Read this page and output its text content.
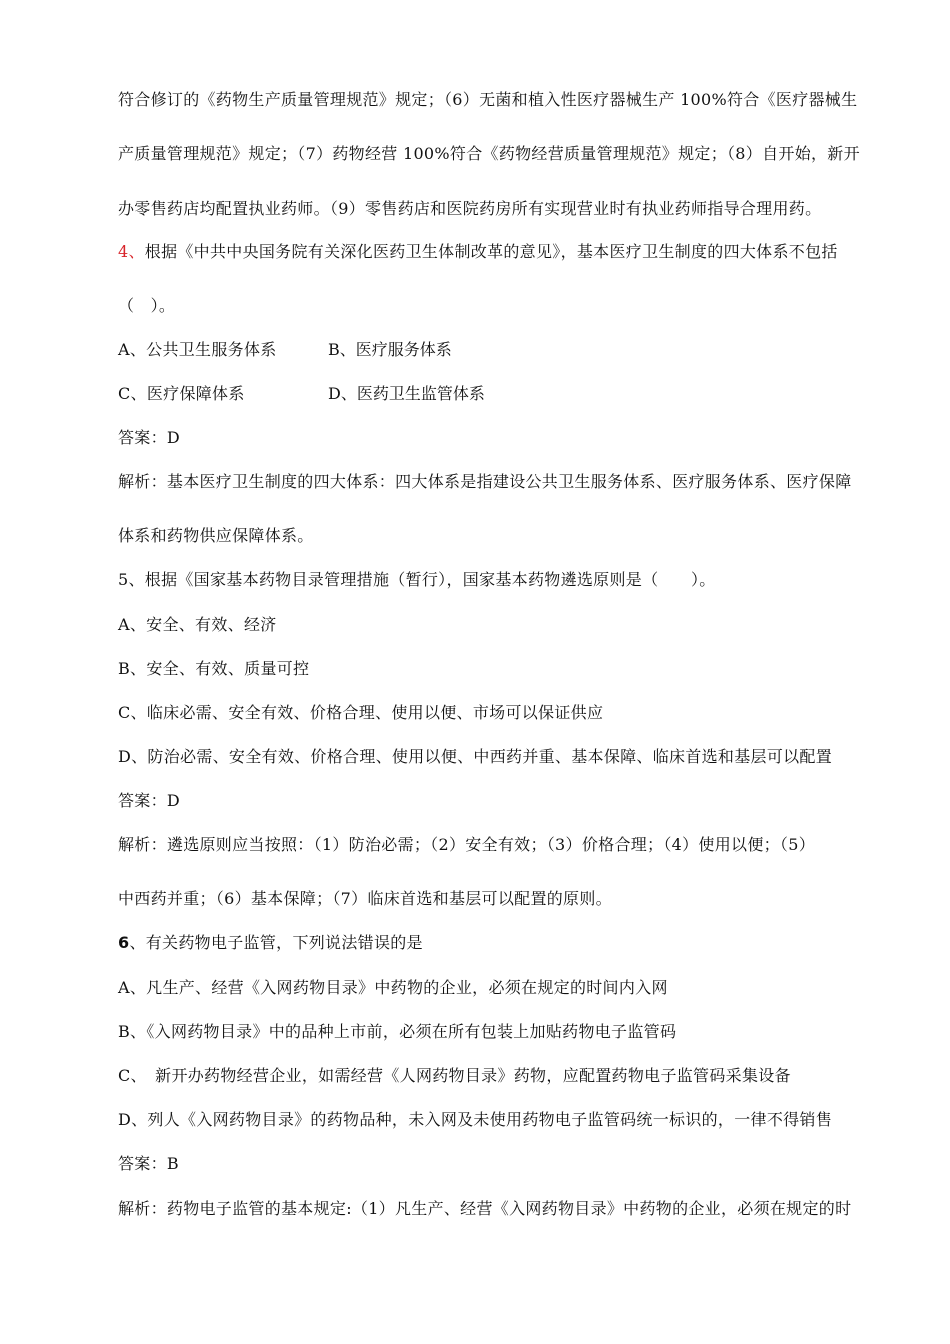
符合修订的《药物生产质量管理规范》规定；（6）无菌和植入性医疗器械生产 100%符合《医疗器械生
产质量管理规范》规定；（7）药物经营 100%符合《药物经营质量管理规范》规定；（8）自开始，新开
办零售药店均配置执业药师。（9）零售药店和医院药房所有实现营业时有执业药师指导合理用药。
4、根据《中共中央国务院有关深化医药卫生体制改革的意见》，基本医疗卫生制度的四大体系不包括
（　）。
A、公共卫生服务体系	B、医疗服务体系
C、医疗保障体系	D、医药卫生监管体系
答案：D
解析：基本医疗卫生制度的四大体系：四大体系是指建设公共卫生服务体系、医疗服务体系、医疗保障
体系和药物供应保障体系。
5、根据《国家基本药物目录管理措施（暂行），国家基本药物遴选原则是（　　）。
A、安全、有效、经济
B、安全、有效、质量可控
C、临床必需、安全有效、价格合理、使用以便、市场可以保证供应
D、防治必需、安全有效、价格合理、使用以便、中西药并重、基本保障、临床首选和基层可以配置
答案：D
解析：遴选原则应当按照：（1）防治必需；（2）安全有效；（3）价格合理；（4）使用以便；（5）
中西药并重；（6）基本保障；（7）临床首选和基层可以配置的原则。
6、有关药物电子监管，下列说法错误的是
A、凡生产、经营《入网药物目录》中药物的企业，必须在规定的时间内入网
B、《入网药物目录》中的品种上市前，必须在所有包装上加贴药物电子监管码
C、　新开办药物经营企业，如需经营《人网药物目录》药物，应配置药物电子监管码采集设备
D、列人《入网药物目录》的药物品种，未入网及未使用药物电子监管码统一标识的，一律不得销售
答案：B
解析：药物电子监管的基本规定:（1）凡生产、经营《入网药物目录》中药物的企业，必须在规定的时
